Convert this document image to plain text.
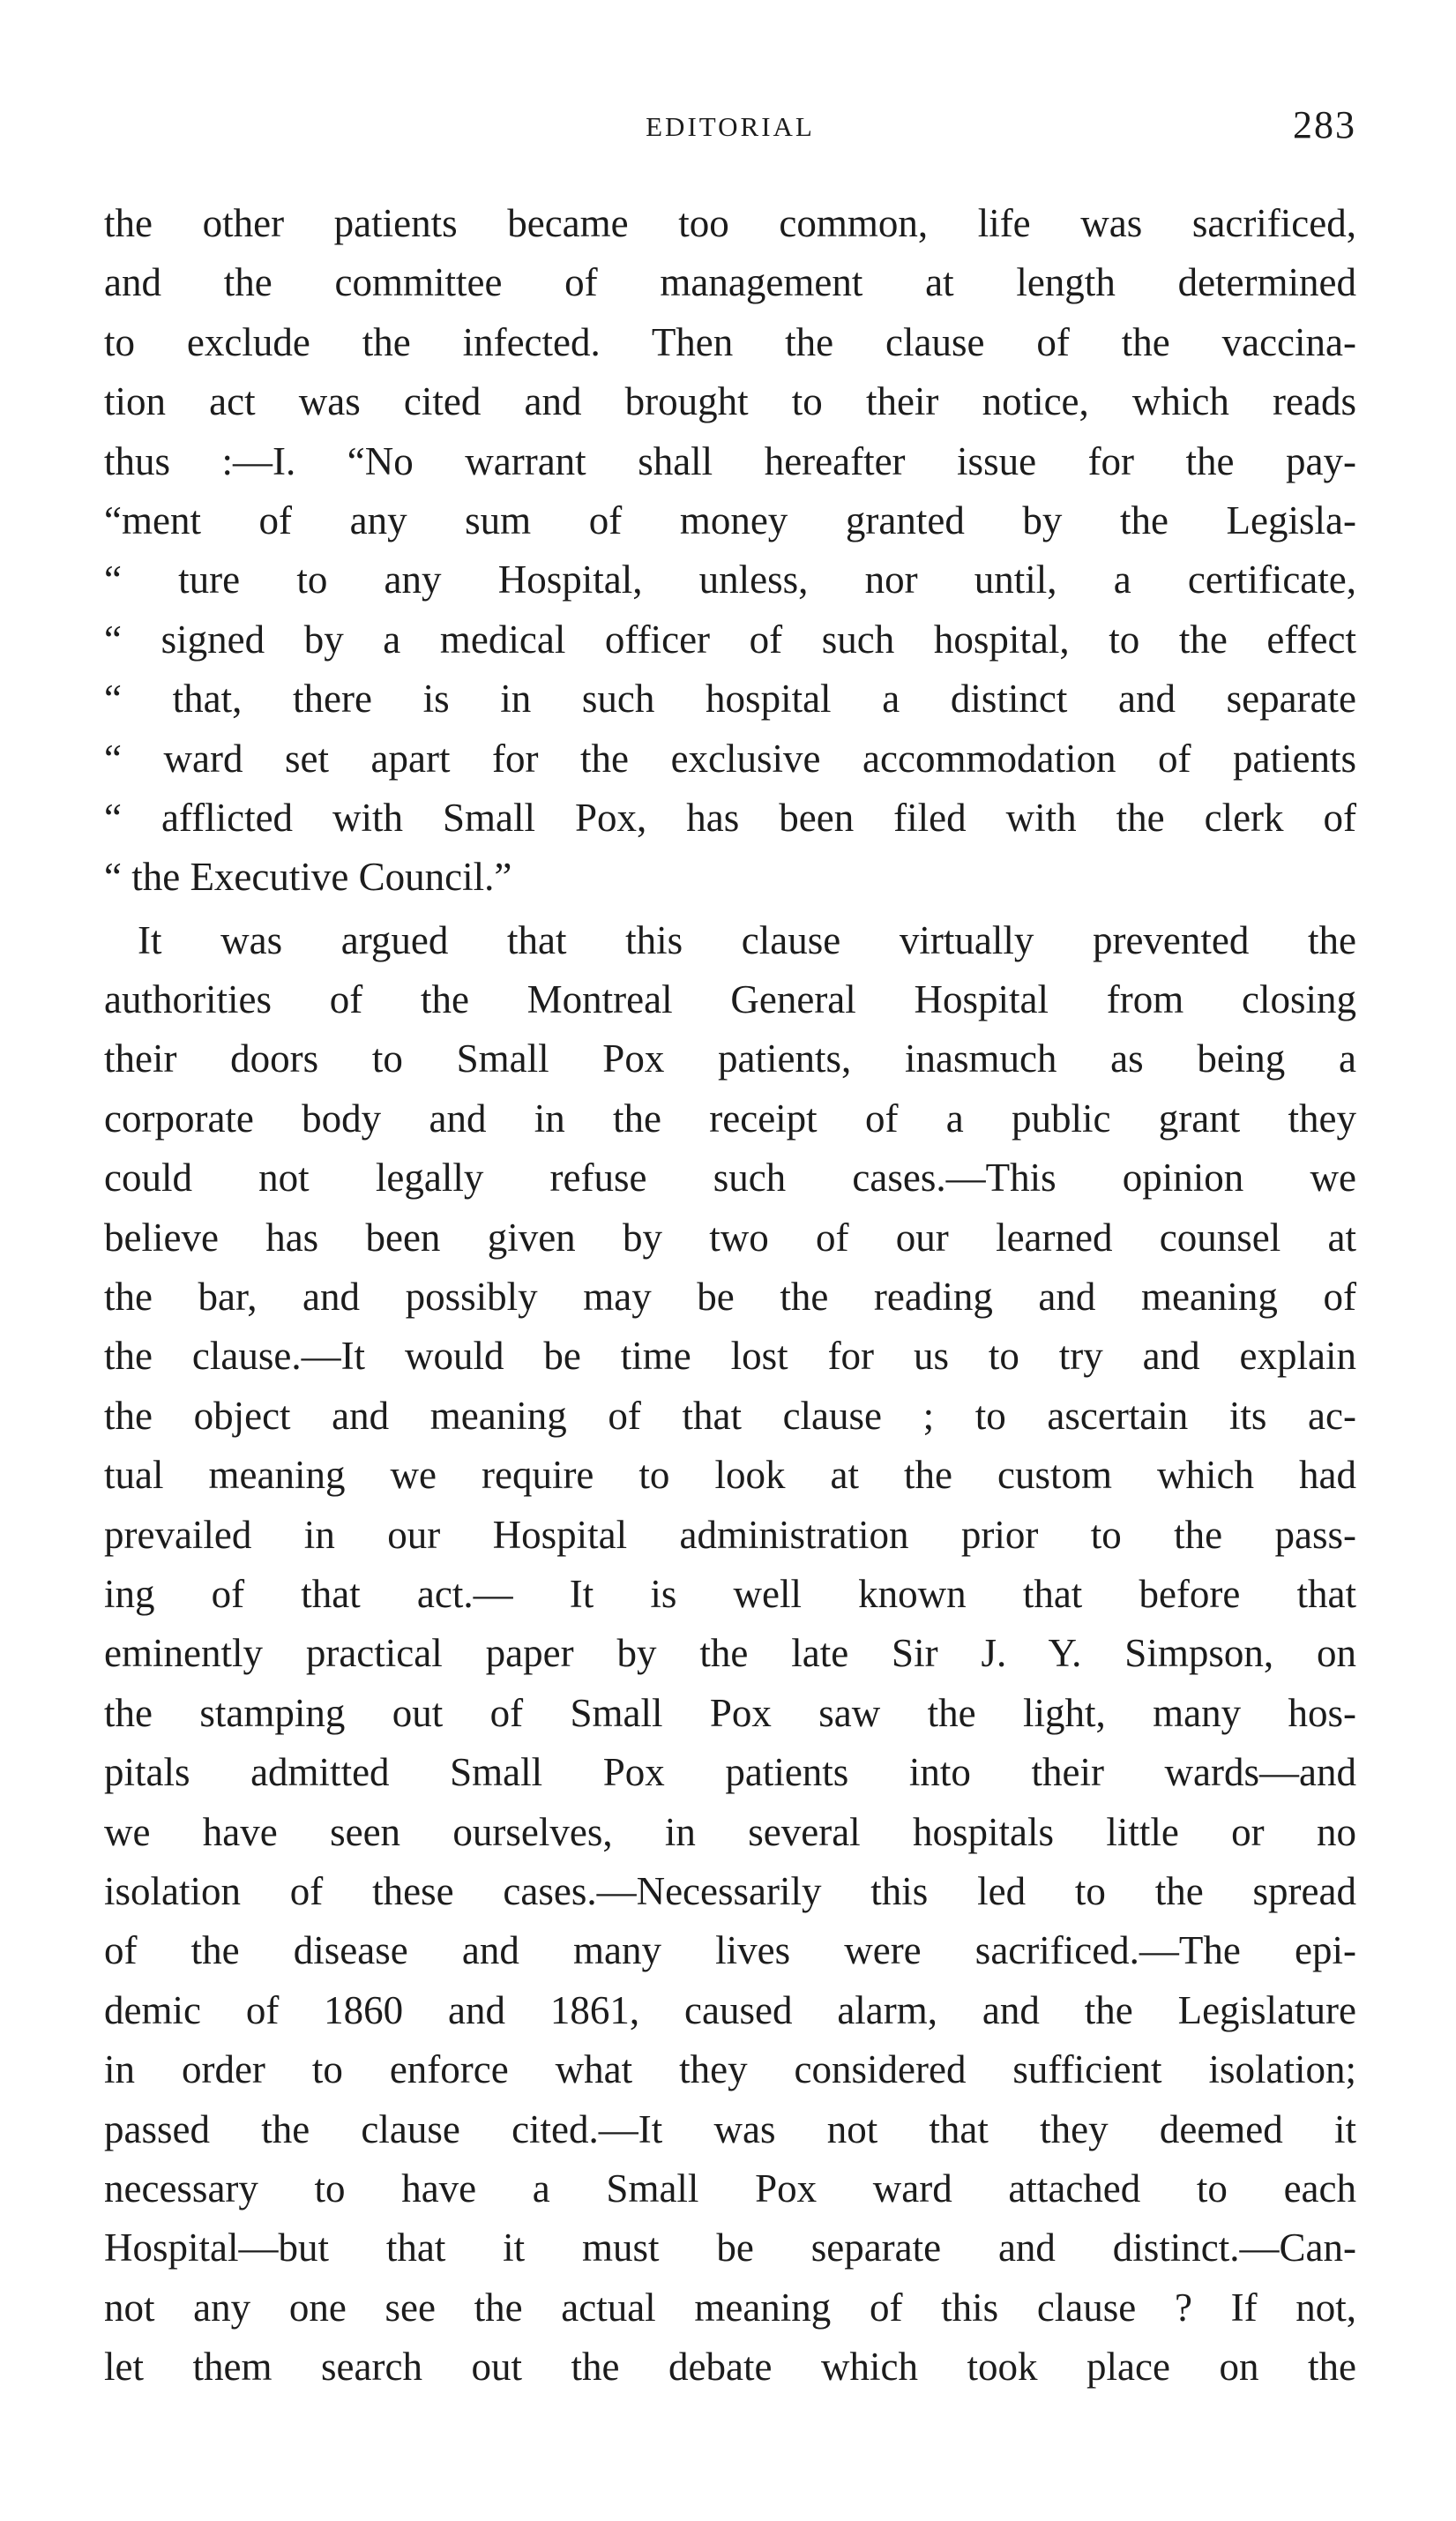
EDITORIAL	283
the other patients became too common, life was sacrificed,
and the committee of management at length determined
to exclude the infected. Then the clause of the vaccina-
tion act was cited and brought to their notice, which reads
thus :—I. “No warrant shall hereafter issue for the pay-
“ment of any sum of money granted by the Legisla-
“ ture to any Hospital, unless, nor until, a certificate,
“ signed by a medical officer of such hospital, to the effect
“ that, there is in such hospital a distinct and separate
“ ward set apart for the exclusive accommodation of patients
“ afflicted with Small Pox, has been filed with the clerk of
“ the Executive Council.”
It was argued that this clause virtually prevented the
authorities of the Montreal General Hospital from closing
their doors to Small Pox patients, inasmuch as being a
corporate body and in the receipt of a public grant they
could not legally refuse such cases.—This opinion we
believe has been given by two of our learned counsel at
the bar, and possibly may be the reading and meaning of
the clause.—It would be time lost for us to try and explain
the object and meaning of that clause ; to ascertain its ac-
tual meaning we require to look at the custom which had
prevailed in our Hospital administration prior to the pass-
ing of that act.— It is well known that before that
eminently practical paper by the late Sir J. Y. Simpson, on
the stamping out of Small Pox saw the light, many hos-
pitals admitted Small Pox patients into their wards—and
we have seen ourselves, in several hospitals little or no
isolation of these cases.—Necessarily this led to the spread
of the disease and many lives were sacrificed.—The epi-
demic of 1860 and 1861, caused alarm, and the Legislature
in order to enforce what they considered sufficient isolation;
passed the clause cited.—It was not that they deemed it
necessary to have a Small Pox ward attached to each
Hospital—but that it must be separate and distinct.—Can-
not any one see the actual meaning of this clause ? If not,
let them search out the debate which took place on the
